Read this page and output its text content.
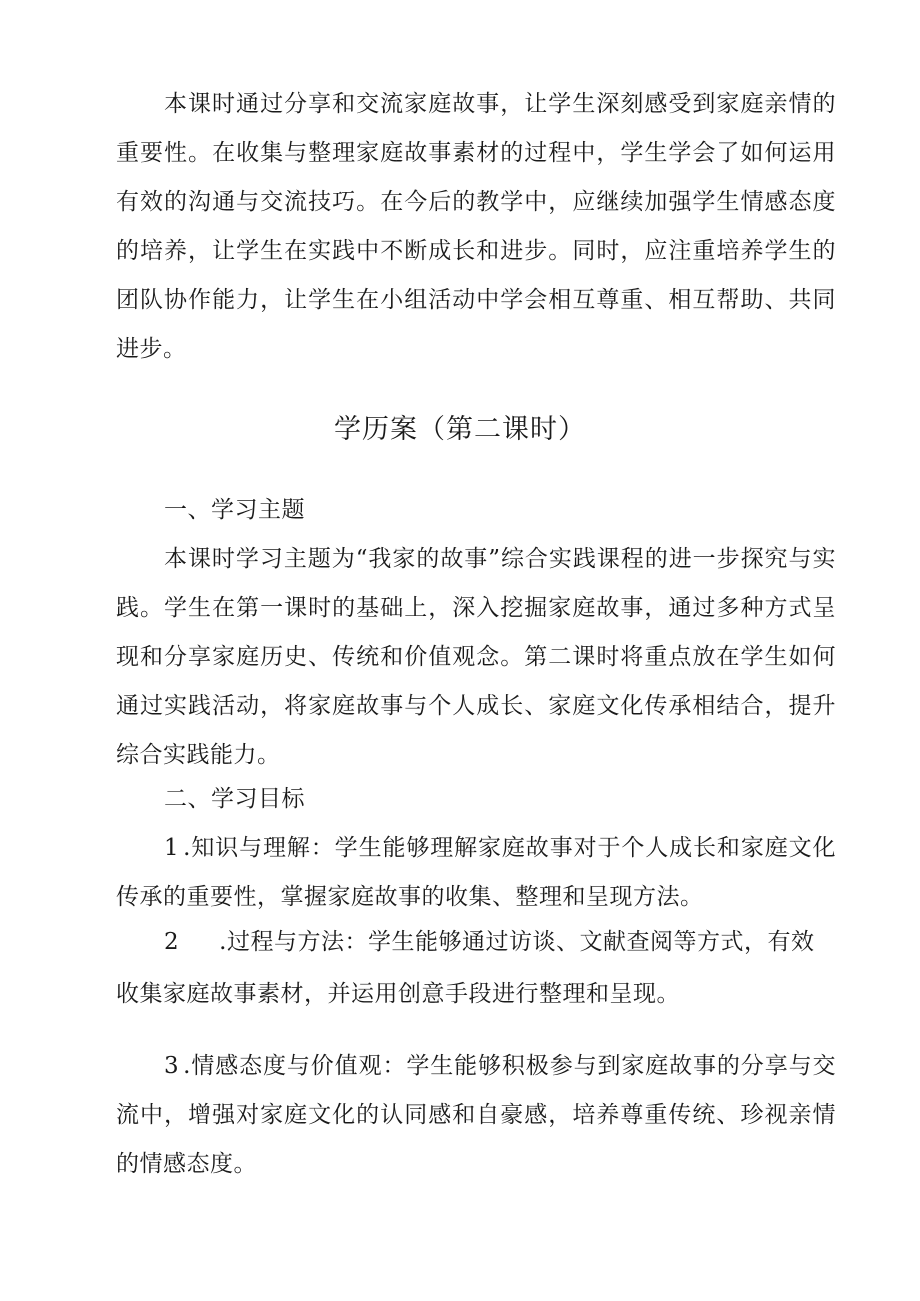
本课时通过分享和交流家庭故事，让学生深刻感受到家庭亲情的重要性。在收集与整理家庭故事素材的过程中，学生学会了如何运用有效的沟通与交流技巧。在今后的教学中，应继续加强学生情感态度的培养，让学生在实践中不断成长和进步。同时，应注重培养学生的团队协作能力，让学生在小组活动中学会相互尊重、相互帮助、共同进步。

学历案（第二课时）

一、学习主题

本课时学习主题为“我家的故事”综合实践课程的进一步探究与实践。学生在第一课时的基础上，深入挖掘家庭故事，通过多种方式呈现和分享家庭历史、传统和价值观念。第二课时将重点放在学生如何通过实践活动，将家庭故事与个人成长、家庭文化传承相结合，提升综合实践能力。

二、学习目标

1 .知识与理解：学生能够理解家庭故事对于个人成长和家庭文化传承的重要性，掌握家庭故事的收集、整理和呈现方法。

2 .过程与方法：学生能够通过访谈、文献查阅等方式，有效

收集家庭故事素材，并运用创意手段进行整理和呈现。

3 .情感态度与价值观：学生能够积极参与到家庭故事的分享与交流中，增强对家庭文化的认同感和自豪感，培养尊重传统、珍视亲情的情感态度。
